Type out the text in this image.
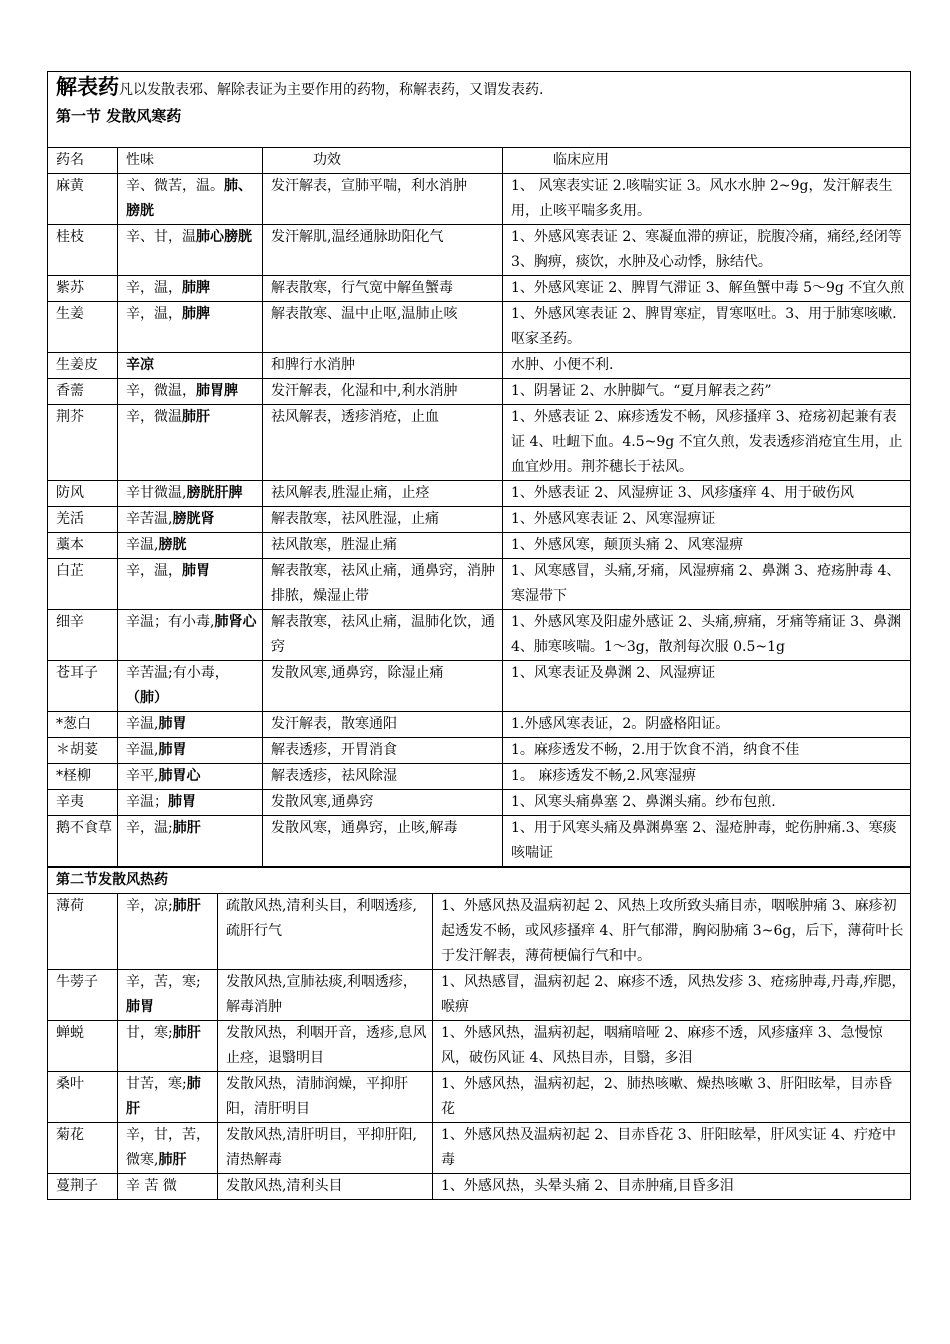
解表药凡以发散表邪、解除表证为主要作用的药物，称解表药，又谓发表药.
第一节 发散风寒药			

药名	性味	功效	临床应用
麻黄	辛、微苦，温。肺、膀胱	发汗解表，宣肺平喘，利水消肿	1、 风寒表实证 2.咳喘实证 3。风水水肿 2~9g，发汗解表生用，止咳平喘多炙用。
桂枝	辛、甘，温肺心膀胱	发汗解肌,温经通脉助阳化气	1、外感风寒表证 2、寒凝血滞的痹证，脘腹冷痛，痛经,经闭等 3、胸痹，痰饮，水肿及心动悸，脉结代。
紫苏	辛，温，肺脾	解表散寒，行气宽中解鱼蟹毒	1、外感风寒证 2、脾胃气滞证 3、解鱼蟹中毒 5～9g 不宜久煎
生姜	辛，温，肺脾	解表散寒、温中止呕,温肺止咳	1、外感风寒表证 2、脾胃寒症，胃寒呕吐。3、用于肺寒咳嗽.呕家圣药。
生姜皮	辛凉	和脾行水消肿	水肿、小便不利.
香薷	辛，微温，肺胃脾	发汗解表，化湿和中,利水消肿	1、阴暑证 2、水肿脚气。“夏月解表之药”
荆芥	辛，微温肺肝	祛风解表，透疹消疮，止血	1、外感表证 2、麻疹透发不畅，风疹搔痒 3、疮疡初起兼有表证 4、吐衄下血。4.5~9g 不宜久煎，发表透疹消疮宜生用，止血宜炒用。荆芥穗长于祛风。
防风	辛甘微温,膀胱肝脾	祛风解表,胜湿止痛，止痉	1、外感表证 2、风湿痹证 3、风疹瘙痒 4、用于破伤风
羌活	辛苦温,膀胱肾	解表散寒，祛风胜湿，止痛	1、外感风寒表证 2、风寒湿痹证
藁本	辛温,膀胱	祛风散寒，胜湿止痛	1、外感风寒，颠顶头痛 2、风寒湿痹
白芷	辛，温，肺胃	解表散寒，祛风止痛，通鼻窍，消肿排脓，燥湿止带	1、风寒感冒，头痛,牙痛，风湿痹痛 2、鼻渊 3、疮疡肿毒 4、寒湿带下
细辛	辛温；有小毒,肺肾心	解表散寒，祛风止痛，温肺化饮，通窍	1、外感风寒及阳虚外感证 2、头痛,痹痛，牙痛等痛证 3、鼻渊 4、肺寒咳喘。1～3g，散剂每次服 0.5~1g
苍耳子	辛苦温;有小毒，（肺）	发散风寒,通鼻窍，除湿止痛	1、风寒表证及鼻渊 2、风湿痹证
*葱白	辛温,肺胃	发汗解表，散寒通阳	1.外感风寒表证，2。阴盛格阳证。
＊胡荽	辛温,肺胃	解表透疹，开胃消食	1。麻疹透发不畅，2.用于饮食不消，纳食不佳
*柽柳	辛平,肺胃心	解表透疹，祛风除湿	1。 麻疹透发不畅,2.风寒湿痹
辛夷	辛温；肺胃	发散风寒,通鼻窍	1、风寒头痛鼻塞 2、鼻渊头痛。纱布包煎.
鹅不食草	辛，温;肺肝	发散风寒，通鼻窍，止咳,解毒	1、用于风寒头痛及鼻渊鼻塞 2、湿疮肿毒，蛇伤肿痛.3、寒痰咳喘证
第二节发散风热药			
薄荷	辛，凉;肺肝	疏散风热,清利头目，利咽透疹,疏肝行气	1、外感风热及温病初起 2、风热上攻所致头痛目赤，咽喉肿痛 3、麻疹初起透发不畅，或风疹搔痒 4、肝气郁滞，胸闷胁痛 3~6g，后下，薄荷叶长于发汗解表，薄荷梗偏行气和中。
牛蒡子	辛，苦，寒;肺胃	发散风热,宣肺祛痰,利咽透疹，解毒消肿	1、风热感冒，温病初起 2、麻疹不透，风热发疹 3、疮疡肿毒,丹毒,痄腮，喉痹
蝉蜕	甘，寒;肺肝	发散风热，利咽开音，透疹,息风止痉，退翳明目	1、外感风热，温病初起，咽痛喑哑 2、麻疹不透，风疹瘙痒 3、急慢惊风，破伤风证 4、风热目赤，目翳，多泪
桑叶	甘苦，寒;肺肝	发散风热，清肺润燥，平抑肝阳，清肝明目	1、外感风热，温病初起，2、肺热咳嗽、燥热咳嗽 3、肝阳眩晕，目赤昏花
菊花	辛，甘，苦，微寒,肺肝	发散风热,清肝明目，平抑肝阳,清热解毒	1、外感风热及温病初起 2、目赤昏花 3、肝阳眩晕，肝风实证 4、疔疮中毒
蔓荆子	辛 苦 微	发散风热,清利头目	1、外感风热，头晕头痛 2、目赤肿痛,目昏多泪
